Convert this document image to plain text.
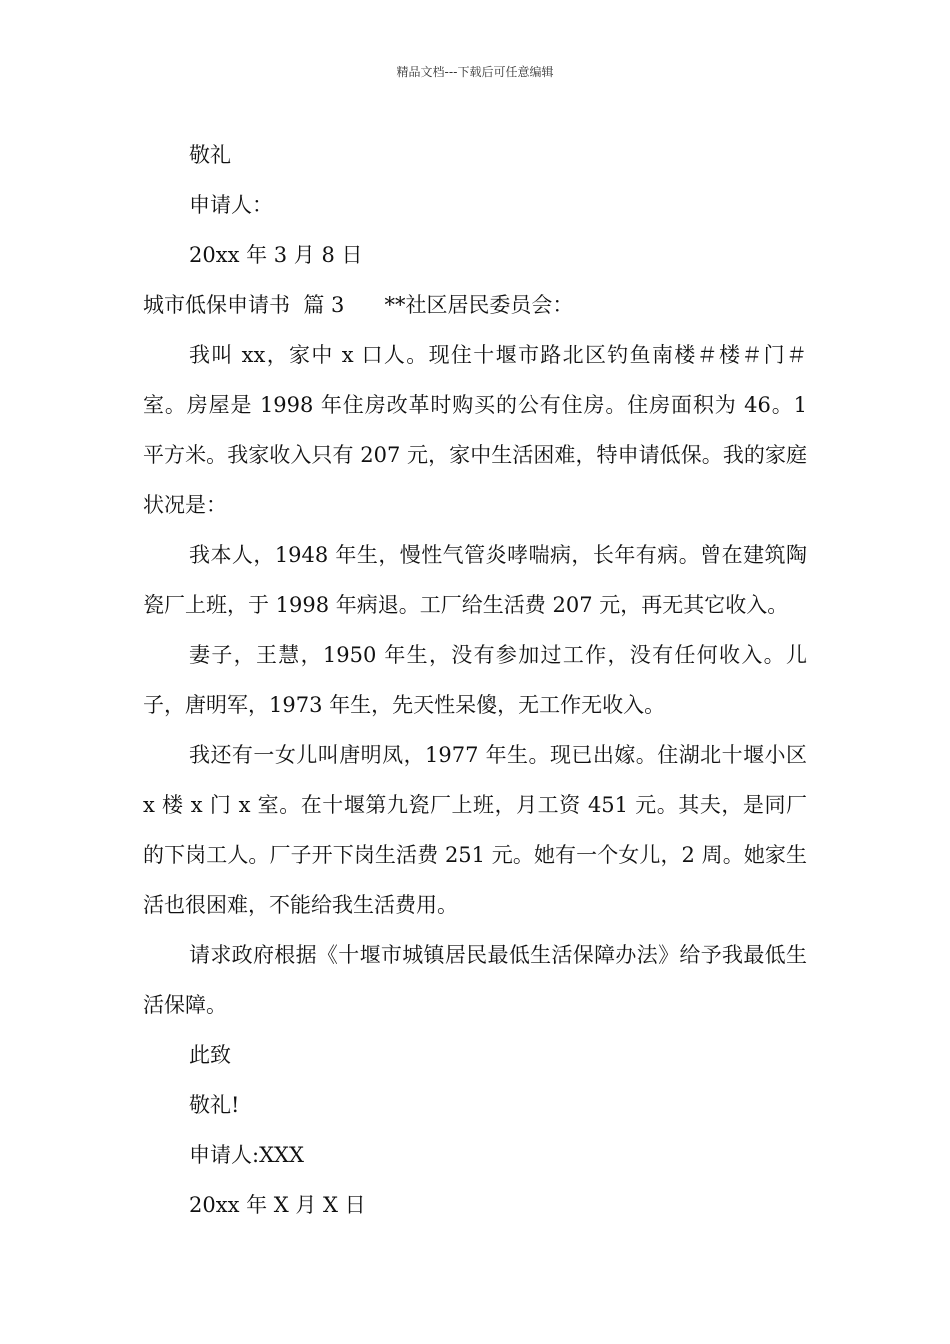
精品文档---下载后可任意编辑

敬礼

申请人：

20xx 年 3 月 8 日

城市低保申请书  篇 3      **社区居民委员会：

我叫 xx，家中 x 口人。现住十堰市路北区钓鱼南楼＃楼＃门＃室。房屋是 1998 年住房改革时购买的公有住房。住房面积为 46。1 平方米。我家收入只有 207 元，家中生活困难，特申请低保。我的家庭状况是：

我本人，1948 年生，慢性气管炎哮喘病，长年有病。曾在建筑陶瓷厂上班，于 1998 年病退。工厂给生活费 207 元，再无其它收入。

妻子，王慧，1950 年生，没有参加过工作，没有任何收入。儿子，唐明军，1973 年生，先天性呆傻，无工作无收入。

我还有一女儿叫唐明凤，1977 年生。现已出嫁。住湖北十堰小区 x 楼 x 门 x 室。在十堰第九瓷厂上班，月工资 451 元。其夫，是同厂的下岗工人。厂子开下岗生活费 251 元。她有一个女儿，2 周。她家生活也很困难，不能给我生活费用。

请求政府根据《十堰市城镇居民最低生活保障办法》给予我最低生活保障。

此致

敬礼!

申请人:XXX

20xx 年 X 月 X 日
